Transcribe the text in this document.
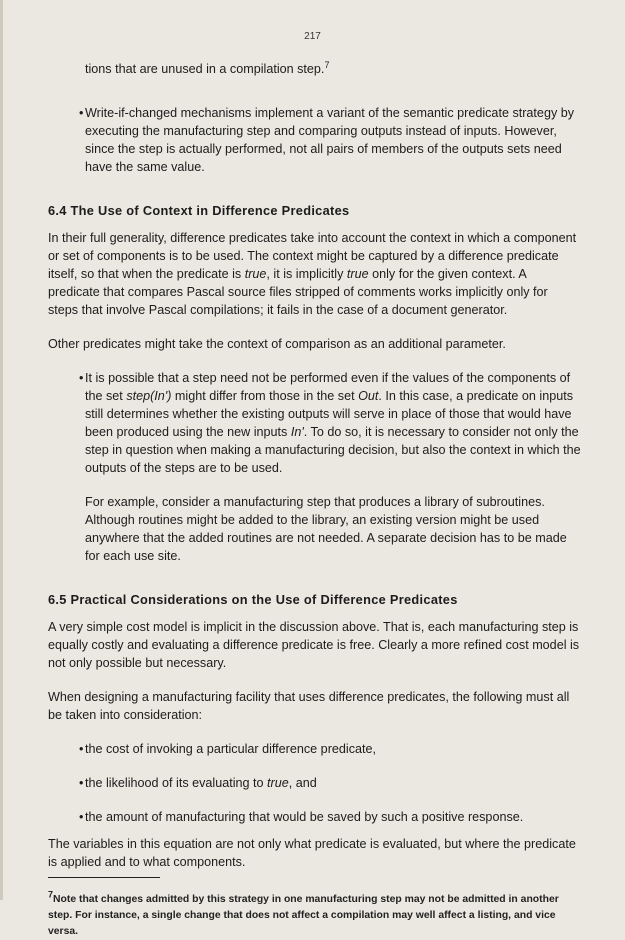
217

tions that are unused in a compilation step.$^7$

• Write-if-changed mechanisms implement a variant of the semantic predicate strategy by executing the manufacturing step and comparing outputs instead of inputs. However, since the step is actually performed, not all pairs of members of the outputs sets need have the same value.

6.4 The Use of Context in Difference Predicates

In their full generality, difference predicates take into account the context in which a component or set of components is to be used. The context might be captured by a difference predicate itself, so that when the predicate is true, it is implicitly true only for the given context. A predicate that compares Pascal source files stripped of comments works implicitly only for steps that involve Pascal compilations; it fails in the case of a document generator.

Other predicates might take the context of comparison as an additional parameter.

• It is possible that a step need not be performed even if the values of the components of the set step(In') might differ from those in the set Out. In this case, a predicate on inputs still determines whether the existing outputs will serve in place of those that would have been produced using the new inputs In'. To do so, it is necessary to consider not only the step in question when making a manufacturing decision, but also the context in which the outputs of the steps are to be used.

For example, consider a manufacturing step that produces a library of subroutines. Although routines might be added to the library, an existing version might be used anywhere that the added routines are not needed. A separate decision has to be made for each use site.

6.5 Practical Considerations on the Use of Difference Predicates

A very simple cost model is implicit in the discussion above. That is, each manufacturing step is equally costly and evaluating a difference predicate is free. Clearly a more refined cost model is not only possible but necessary.

When designing a manufacturing facility that uses difference predicates, the following must all be taken into consideration:

• the cost of invoking a particular difference predicate,

• the likelihood of its evaluating to true, and

• the amount of manufacturing that would be saved by such a positive response.

The variables in this equation are not only what predicate is evaluated, but where the predicate is applied and to what components.

7Note that changes admitted by this strategy in one manufacturing step may not be admitted in another step. For instance, a single change that does not affect a compilation may well affect a listing, and vice versa.
